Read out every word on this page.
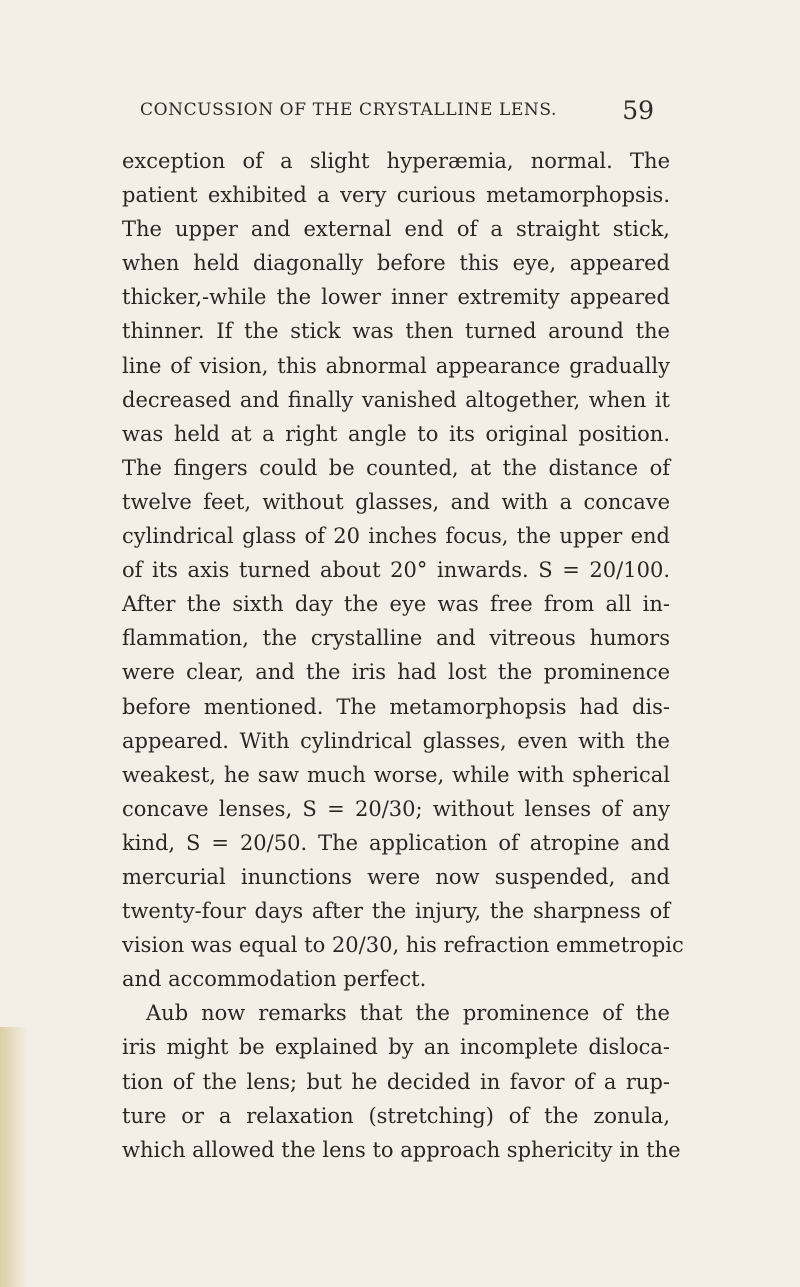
CONCUSSION OF THE CRYSTALLINE LENS.	59
exception of a slight hyperæmia, normal. The
patient exhibited a very curious metamorphopsis.
The upper and external end of a straight stick,
when held diagonally before this eye, appeared
thicker,-while the lower inner extremity appeared
thinner. If the stick was then turned around the
line of vision, this abnormal appearance gradually
decreased and finally vanished altogether, when it
was held at a right angle to its original position.
The fingers could be counted, at the distance of
twelve feet, without glasses, and with a concave
cylindrical glass of 20 inches focus, the upper end
of its axis turned about 20° inwards. S = 20/100.
After the sixth day the eye was free from all in-
flammation, the crystalline and vitreous humors
were clear, and the iris had lost the prominence
before mentioned. The metamorphopsis had dis-
appeared. With cylindrical glasses, even with the
weakest, he saw much worse, while with spherical
concave lenses, S = 20/30; without lenses of any
kind, S = 20/50. The application of atropine and
mercurial inunctions were now suspended, and
twenty-four days after the injury, the sharpness of
vision was equal to 20/30, his refraction emmetropic
and accommodation perfect.
Aub now remarks that the prominence of the
iris might be explained by an incomplete disloca-
tion of the lens; but he decided in favor of a rup-
ture or a relaxation (stretching) of the zonula,
which allowed the lens to approach sphericity in the
